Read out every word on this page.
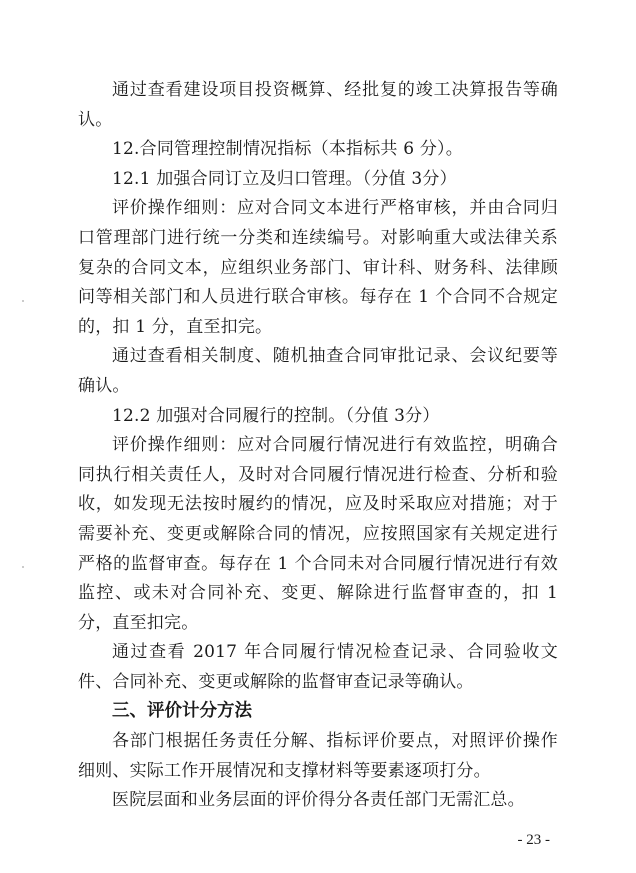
通过查看建设项目投资概算、经批复的竣工决算报告等确认。

12.合同管理控制情况指标（本指标共 6 分）。

12.1 加强合同订立及归口管理。（分值 3分）

评价操作细则：应对合同文本进行严格审核，并由合同归口管理部门进行统一分类和连续编号。对影响重大或法律关系复杂的合同文本，应组织业务部门、审计科、财务科、法律顾问等相关部门和人员进行联合审核。每存在 1 个合同不合规定的，扣 1 分，直至扣完。

通过查看相关制度、随机抽查合同审批记录、会议纪要等确认。

12.2 加强对合同履行的控制。（分值 3分）

评价操作细则：应对合同履行情况进行有效监控，明确合同执行相关责任人，及时对合同履行情况进行检查、分析和验收，如发现无法按时履约的情况，应及时采取应对措施；对于需要补充、变更或解除合同的情况，应按照国家有关规定进行严格的监督审查。每存在 1 个合同未对合同履行情况进行有效监控、或未对合同补充、变更、解除进行监督审查的，扣 1分，直至扣完。

通过查看 2017 年合同履行情况检查记录、合同验收文件、合同补充、变更或解除的监督审查记录等确认。

三、评价计分方法

各部门根据任务责任分解、指标评价要点，对照评价操作细则、实际工作开展情况和支撑材料等要素逐项打分。

医院层面和业务层面的评价得分各责任部门无需汇总。

- 23 -
